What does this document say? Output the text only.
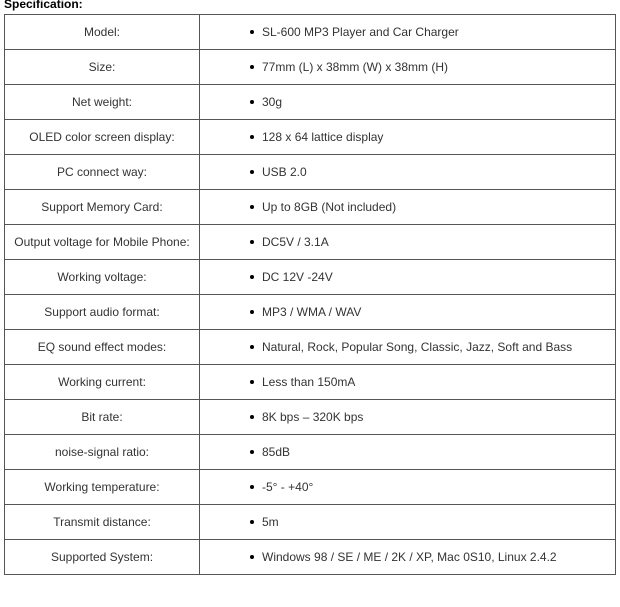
Specification:
Model:	SL-600 MP3 Player and Car Charger
Size:	77mm (L) x 38mm (W) x 38mm (H)
Net weight:	30g
OLED color screen display:	128 x 64 lattice display
PC connect way:	USB 2.0
Support Memory Card:	Up to 8GB (Not included)
Output voltage for Mobile Phone:	DC5V / 3.1A
Working voltage:	DC 12V -24V
Support audio format:	MP3 / WMA / WAV
EQ sound effect modes:	Natural, Rock, Popular Song, Classic, Jazz, Soft and Bass
Working current:	Less than 150mA
Bit rate:	8K bps – 320K bps
noise-signal ratio:	85dB
Working temperature:	-5° - +40°
Transmit distance:	5m
Supported System:	Windows 98 / SE / ME / 2K / XP, Mac 0S10, Linux 2.4.2
